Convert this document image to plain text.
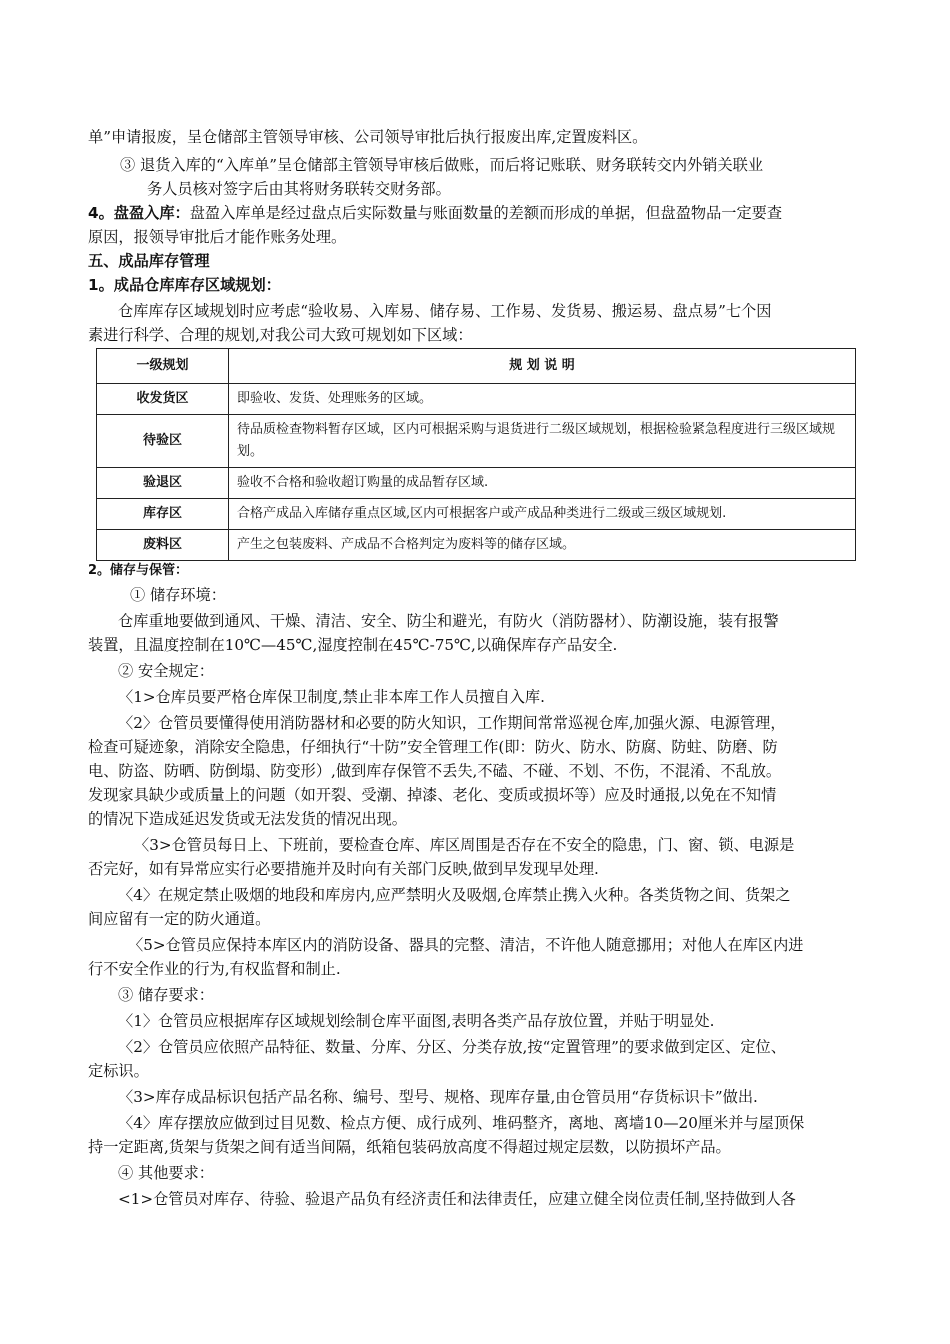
单”申请报废，呈仓储部主管领导审核、公司领导审批后执行报废出库,定置废料区。
③ 退货入库的“入库单”呈仓储部主管领导审核后做账，而后将记账联、财务联转交内外销关联业
务人员核对签字后由其将财务联转交财务部。
4。盘盈入库：盘盈入库单是经过盘点后实际数量与账面数量的差额而形成的单据，但盘盈物品一定要查
原因，报领导审批后才能作账务处理。
五、成品库存管理
1。成品仓库库存区域规划：
仓库库存区域规划时应考虑“验收易、入库易、储存易、工作易、发货易、搬运易、盘点易”七个因
素进行科学、合理的规划,对我公司大致可规划如下区域：
一级规划	规 划 说 明
收发货区	即验收、发货、处理账务的区域。
待验区	待品质检查物料暂存区域，区内可根据采购与退货进行二级区域规划，根据检验紧急程度进行三级区域规划。
验退区	验收不合格和验收超订购量的成品暂存区域.
库存区	合格产成品入库储存重点区域,区内可根据客户或产成品种类进行二级或三级区域规划.
废料区	产生之包装废料、产成品不合格判定为废料等的储存区域。
2。储存与保管：
① 储存环境：
仓库重地要做到通风、干燥、清洁、安全、防尘和避光，有防火（消防器材）、防潮设施，装有报警
装置，且温度控制在10℃—45℃,湿度控制在45℃-75℃,以确保库存产品安全.
② 安全规定：
〈1>仓库员要严格仓库保卫制度,禁止非本库工作人员擅自入库.
〈2〉仓管员要懂得使用消防器材和必要的防火知识，工作期间常常巡视仓库,加强火源、电源管理，
检查可疑迹象，消除安全隐患，仔细执行“十防”安全管理工作(即：防火、防水、防腐、防蛀、防磨、防
电、防盗、防晒、防倒塌、防变形）,做到库存保管不丢失,不磕、不碰、不划、不伤，不混淆、不乱放。
发现家具缺少或质量上的问题（如开裂、受潮、掉漆、老化、变质或损坏等）应及时通报,以免在不知情
的情况下造成延迟发货或无法发货的情况出现。
〈3>仓管员每日上、下班前，要检查仓库、库区周围是否存在不安全的隐患，门、窗、锁、电源是
否完好，如有异常应实行必要措施并及时向有关部门反映,做到早发现早处理.
〈4〉在规定禁止吸烟的地段和库房内,应严禁明火及吸烟,仓库禁止携入火种。各类货物之间、货架之
间应留有一定的防火通道。
〈5>仓管员应保持本库区内的消防设备、器具的完整、清洁，不许他人随意挪用；对他人在库区内进
行不安全作业的行为,有权监督和制止.
③ 储存要求：
〈1〉仓管员应根据库存区域规划绘制仓库平面图,表明各类产品存放位置，并贴于明显处.
〈2〉仓管员应依照产品特征、数量、分库、分区、分类存放,按“定置管理”的要求做到定区、定位、
定标识。
〈3>库存成品标识包括产品名称、编号、型号、规格、现库存量,由仓管员用“存货标识卡”做出.
〈4〉库存摆放应做到过目见数、检点方便、成行成列、堆码整齐，离地、离墙10—20厘米并与屋顶保
持一定距离,货架与货架之间有适当间隔，纸箱包装码放高度不得超过规定层数，以防损坏产品。
④ 其他要求：
<1>仓管员对库存、待验、验退产品负有经济责任和法律责任，应建立健全岗位责任制,坚持做到人各
